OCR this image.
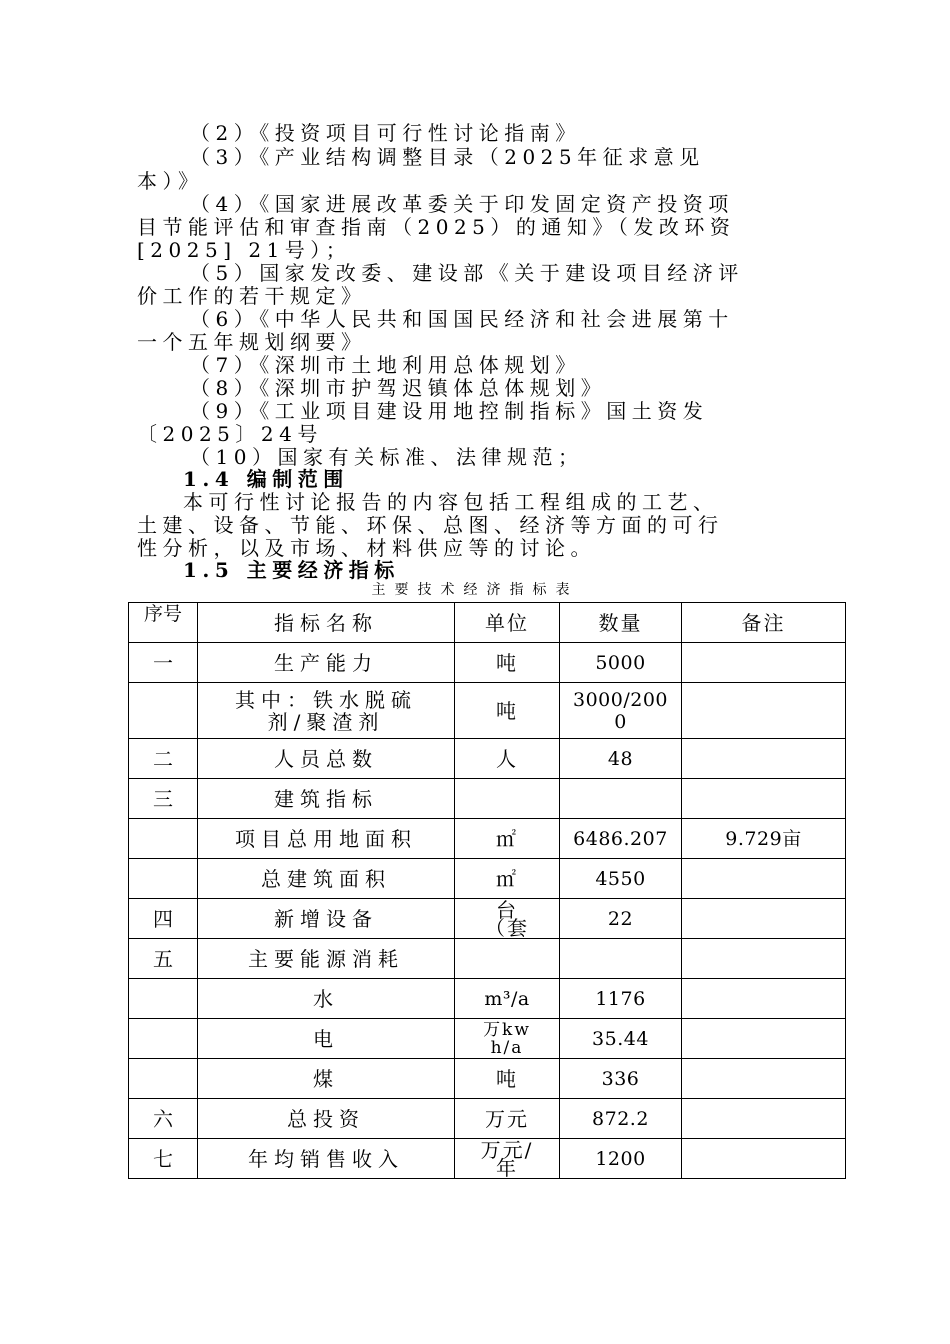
（2）《投资项目可行性讨论指南》
（3）《产业结构调整目录（2025年征求意见
本）》
（4）《国家进展改革委关于印发固定资产投资项
目节能评估和审查指南（2025）的通知》（发改环资
[2025] 21号）；
（5）国家发改委、建设部《关于建设项目经济评
价工作的若干规定》
（6）《中华人民共和国国民经济和社会进展第十
一个五年规划纲要》
（7）《深圳市土地利用总体规划》
（8）《深圳市护驾迟镇体总体规划》
（9）《工业项目建设用地控制指标》国土资发
〔2025〕24号
（10）国家有关标准、法律规范；
1.4 编制范围
本可行性讨论报告的内容包括工程组成的工艺、
土建、设备、节能、环保、总图、经济等方面的可行
性分析，以及市场、材料供应等的讨论。
1.5 主要经济指标
主要技术经济指标表
序号	指标名称	单位	数量	备注
一	生产能力	吨	5000	
	其中：铁水脱硫剂/聚渣剂	吨	3000/2000	
二	人员总数	人	48	
三	建筑指标			
	项目总用地面积	㎡	6486.207	9.729亩
	总建筑面积	㎡	4550	
四	新增设备	台（套	22	
五	主要能源消耗			
	水	m³/a	1176	
	电	万kwh/a	35.44	
	煤	吨	336	
六	总投资	万元	872.2	
七	年均销售收入	万元/年	1200	
